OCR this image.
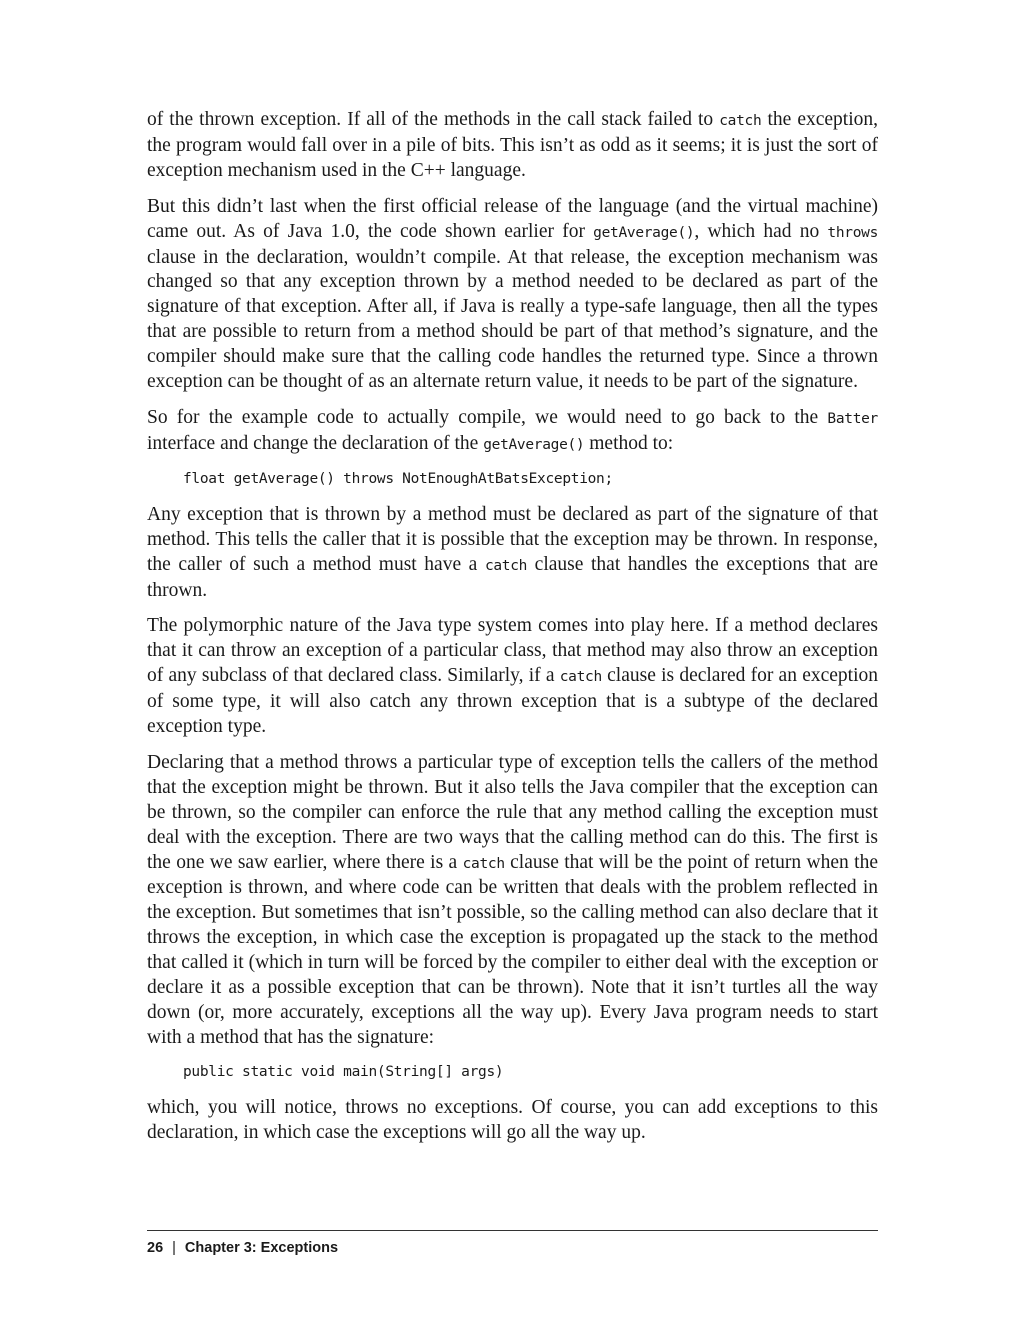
of the thrown exception. If all of the methods in the call stack failed to catch the exception, the program would fall over in a pile of bits. This isn’t as odd as it seems; it is just the sort of exception mechanism used in the C++ language.

But this didn’t last when the first official release of the language (and the virtual machine) came out. As of Java 1.0, the code shown earlier for getAverage(), which had no throws clause in the declaration, wouldn’t compile. At that release, the exception mechanism was changed so that any exception thrown by a method needed to be declared as part of the signature of that exception. After all, if Java is really a type-safe language, then all the types that are possible to return from a method should be part of that method’s signature, and the compiler should make sure that the calling code handles the returned type. Since a thrown exception can be thought of as an alternate return value, it needs to be part of the signature.

So for the example code to actually compile, we would need to go back to the Batter interface and change the declaration of the getAverage() method to:

float getAverage() throws NotEnoughAtBatsException;

Any exception that is thrown by a method must be declared as part of the signature of that method. This tells the caller that it is possible that the exception may be thrown. In response, the caller of such a method must have a catch clause that handles the exceptions that are thrown.

The polymorphic nature of the Java type system comes into play here. If a method declares that it can throw an exception of a particular class, that method may also throw an exception of any subclass of that declared class. Similarly, if a catch clause is declared for an exception of some type, it will also catch any thrown exception that is a subtype of the declared exception type.

Declaring that a method throws a particular type of exception tells the callers of the method that the exception might be thrown. But it also tells the Java compiler that the exception can be thrown, so the compiler can enforce the rule that any method calling the exception must deal with the exception. There are two ways that the calling method can do this. The first is the one we saw earlier, where there is a catch clause that will be the point of return when the exception is thrown, and where code can be written that deals with the problem reflected in the exception. But sometimes that isn’t possible, so the calling method can also declare that it throws the exception, in which case the exception is propagated up the stack to the method that called it (which in turn will be forced by the compiler to either deal with the exception or declare it as a possible exception that can be thrown). Note that it isn’t turtles all the way down (or, more accurately, exceptions all the way up). Every Java program needs to start with a method that has the signature:

public static void main(String[] args)

which, you will notice, throws no exceptions. Of course, you can add exceptions to this declaration, in which case the exceptions will go all the way up.

26 | Chapter 3: Exceptions
